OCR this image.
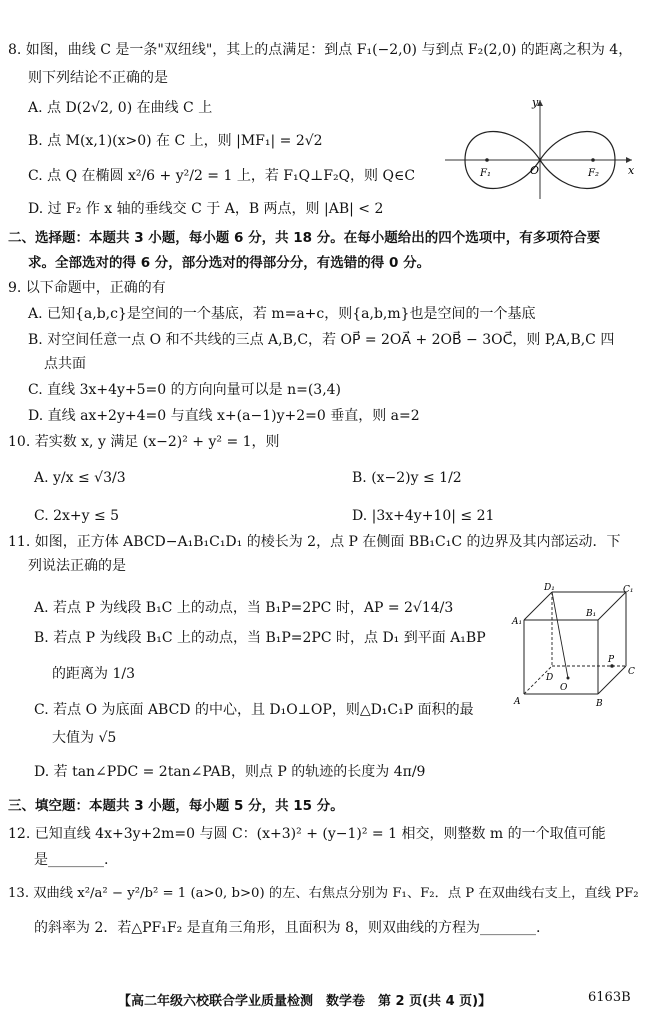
8. 如图，曲线 C 是一条"双纽线"，其上的点满足：到点 F₁(−2,0) 与到点 F₂(2,0) 的距离之积为 4，
则下列结论不正确的是
A. 点 D(2√2, 0) 在曲线 C 上
B. 点 M(x,1)(x>0) 在 C 上，则 |MF₁| = 2√2
C. 点 Q 在椭圆 x²/6 + y²/2 = 1 上，若 F₁Q⊥F₂Q，则 Q∈C
D. 过 F₂ 作 x 轴的垂线交 C 于 A，B 两点，则 |AB| < 2
y
x
O
F₁	F₂
二、选择题：本题共 3 小题，每小题 6 分，共 18 分。在每小题给出的四个选项中，有多项符合要
求。全部选对的得 6 分，部分选对的得部分分，有选错的得 0 分。
9. 以下命题中，正确的有
A. 已知{a,b,c}是空间的一个基底，若 m=a+c，则{a,b,m}也是空间的一个基底
B. 对空间任意一点 O 和不共线的三点 A,B,C，若 OP⃗ = 2OA⃗ + 2OB⃗ − 3OC⃗，则 P,A,B,C 四
点共面
C. 直线 3x+4y+5=0 的方向向量可以是 n=(3,4)
D. 直线 ax+2y+4=0 与直线 x+(a−1)y+2=0 垂直，则 a=2
10. 若实数 x, y 满足 (x−2)² + y² = 1，则
A. y/x ≤ √3/3	B. (x−2)y ≤ 1/2
C. 2x+y ≤ 5	D. |3x+4y+10| ≤ 21
11. 如图，正方体 ABCD−A₁B₁C₁D₁ 的棱长为 2，点 P 在侧面 BB₁C₁C 的边界及其内部运动．下
列说法正确的是
A. 若点 P 为线段 B₁C 上的动点，当 B₁P=2PC 时，AP = 2√14/3
B. 若点 P 为线段 B₁C 上的动点，当 B₁P=2PC 时，点 D₁ 到平面 A₁BP
的距离为 1/3
C. 若点 O 为底面 ABCD 的中心，且 D₁O⊥OP，则△D₁C₁P 面积的最
大值为 √5
D. 若 tan∠PDC = 2tan∠PAB，则点 P 的轨迹的长度为 4π/9
D₁	C₁
A₁
B₁
D
C
A	B
O
P
三、填空题：本题共 3 小题，每小题 5 分，共 15 分。
12. 已知直线 4x+3y+2m=0 与圆 C：(x+3)² + (y−1)² = 1 相交，则整数 m 的一个取值可能
是________.
13. 双曲线 x²/a² − y²/b² = 1 (a>0, b>0) 的左、右焦点分别为 F₁、F₂．点 P 在双曲线右支上，直线 PF₂
的斜率为 2．若△PF₁F₂ 是直角三角形，且面积为 8，则双曲线的方程为________.
【高二年级六校联合学业质量检测　数学卷　第 2 页(共 4 页)】	6163B
